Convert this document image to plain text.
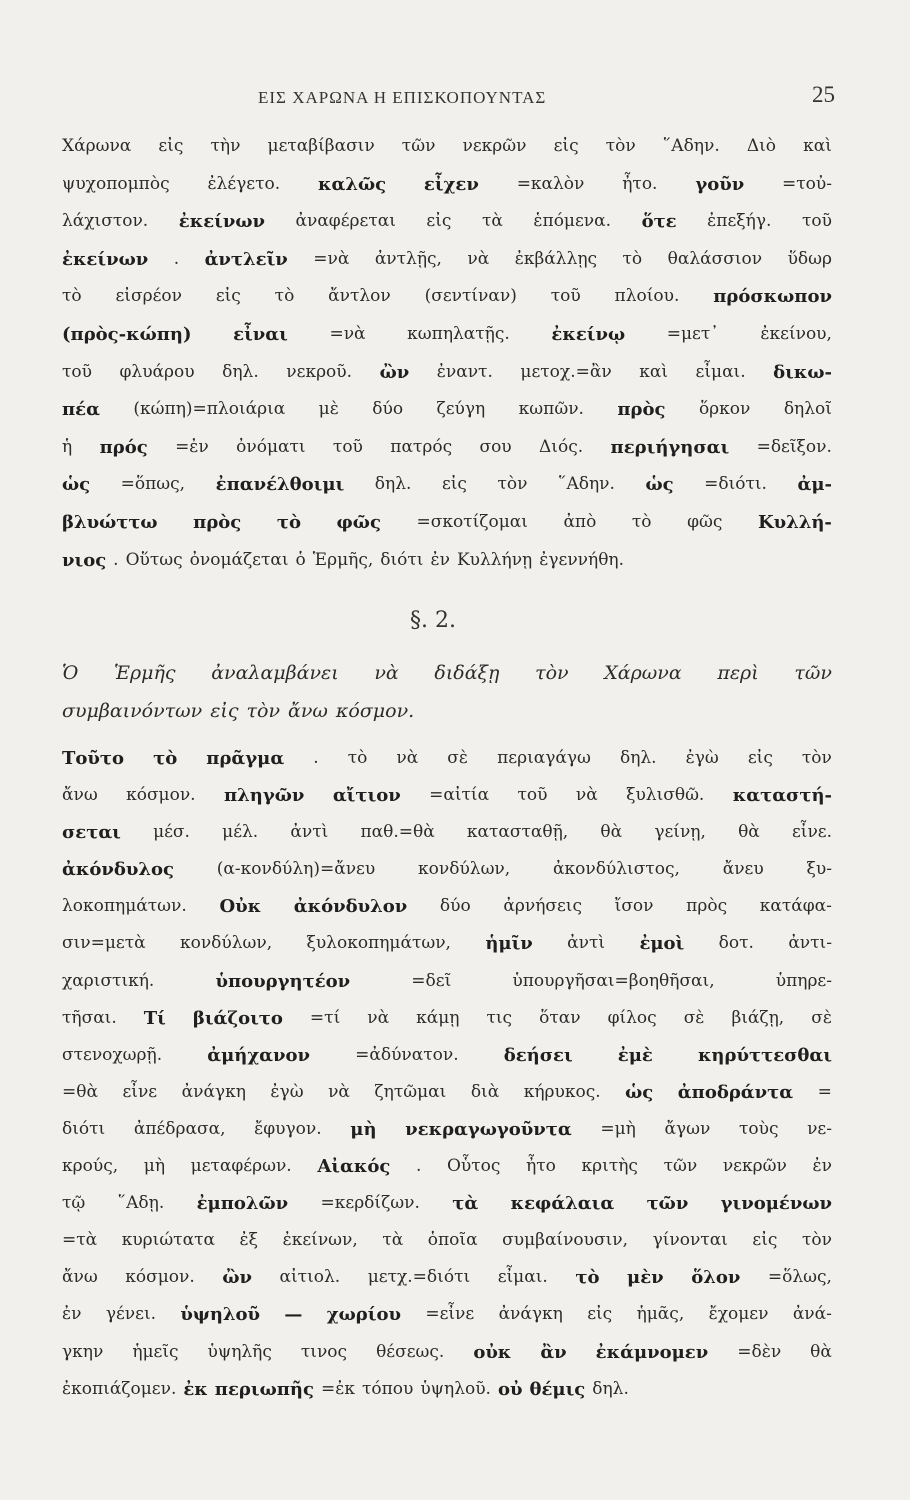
ΕΙΣ ΧΑΡΩΝΑ Η ΕΠΙΣΚΟΠΟΥΝΤΑΣ	25
Χάρωνα εἰς τὴν μεταβίβασιν τῶν νεκρῶν εἰς τὸν ῞Αδην. Διὸ καὶ
ψυχοπομπὸς ἐλέγετο. καλῶς εἶχεν =καλὸν ἦτο. γοῦν =τοὐ-
λάχιστον. ἐκείνων ἀναφέρεται εἰς τὰ ἑπόμενα. ὅτε ἐπεξήγ. τοῦ
ἐκείνων . ἀντλεῖν =νὰ ἀντλῇς, νὰ ἐκβάλλῃς τὸ θαλάσσιον ὕδωρ
τὸ εἰσρέον εἰς τὸ ἄντλον (σεντίναν) τοῦ πλοίου. πρόσκωπον
(πρὸς-κώπη) εἶναι =νὰ κωπηλατῇς. ἐκείνῳ =μετ᾽ ἐκείνου,
τοῦ φλυάρου δηλ. νεκροῦ. ὢν ἐναντ. μετοχ.=ἂν καὶ εἶμαι. δικω-
πέα (κώπη)=πλοιάρια μὲ δύο ζεύγη κωπῶν. πρὸς ὅρκον δηλοῖ
ἡ πρός =ἐν ὀνόματι τοῦ πατρός σου Διός. περιήγησαι =δεῖξον.
ὡς =ὅπως, ἐπανέλθοιμι δηλ. εἰς τὸν ῞Αδην. ὡς =διότι. ἀμ-
βλυώττω πρὸς τὸ φῶς =σκοτίζομαι ἀπὸ τὸ φῶς Κυλλή-
νιος . Οὕτως ὀνομάζεται ὁ Ἑρμῆς, διότι ἐν Κυλλήνῃ ἐγεννήθη.
§. 2.
Ὁ Ἑρμῆς ἀναλαμβάνει νὰ διδάξῃ τὸν Χάρωνα περὶ τῶν
συμβαινόντων εἰς τὸν ἄνω κόσμον.
Τοῦτο τὸ πρᾶγμα . τὸ νὰ σὲ περιαγάγω δηλ. ἐγὼ εἰς τὸν
ἄνω κόσμον. πληγῶν αἴτιον =αἰτία τοῦ νὰ ξυλισθῶ. καταστή-
σεται μέσ. μέλ. ἀντὶ παθ.=θὰ κατασταθῇ, θὰ γείνῃ, θὰ εἶνε.
ἀκόνδυλος	(α-κονδύλη)=ἄνευ	κονδύλων,	ἀκονδύλιστος,	ἄνευ	ξυ-
λοκοπημάτων. Οὐκ ἀκόνδυλον δύο ἀρνήσεις ἴσον πρὸς κατάφα-
σιν=μετὰ κονδύλων, ξυλοκοπημάτων, ἡμῖν ἀντὶ ἐμοὶ δοτ. ἀντι-
χαριστική.	ὑπουργητέον	=δεῖ	ὑπουργῆσαι=βοηθῆσαι,	ὑπηρε-
τῆσαι. Τί βιάζοιτο =τί νὰ κάμῃ τις ὅταν φίλος σὲ βιάζῃ, σὲ
στενοχωρῇ.	ἀμήχανον	=ἀδύνατον.	δεήσει	ἐμὲ	κηρύττεσθαι
=θὰ εἶνε ἀνάγκη ἐγὼ νὰ ζητῶμαι διὰ κήρυκος. ὡς ἀποδράντα =
διότι ἀπέδρασα, ἔφυγον. μὴ νεκραγωγοῦντα =μὴ ἄγων τοὺς νε-
κρούς, μὴ μεταφέρων. Αἰακός . Οὗτος ἦτο κριτὴς τῶν νεκρῶν ἐν
τῷ ῞Αδῃ. ἐμπολῶν =κερδίζων. τὰ κεφάλαια τῶν γινομένων
=τὰ κυριώτατα ἐξ ἐκείνων, τὰ ὁποῖα συμβαίνουσιν, γίνονται εἰς τὸν
ἄνω κόσμον. ὢν αἰτιολ. μετχ.=διότι εἶμαι. τὸ μὲν ὅλον =ὅλως,
ἐν γένει. ὑψηλοῦ — χωρίου =εἶνε ἀνάγκη εἰς ἡμᾶς, ἔχομεν ἀνά-
γκην ἡμεῖς ὑψηλῆς τινος θέσεως. οὐκ ἂν ἐκάμνομεν =δὲν θὰ
ἐκοπιάζομεν. ἐκ περιωπῆς =ἐκ τόπου ὑψηλοῦ. οὐ θέμις δηλ.
